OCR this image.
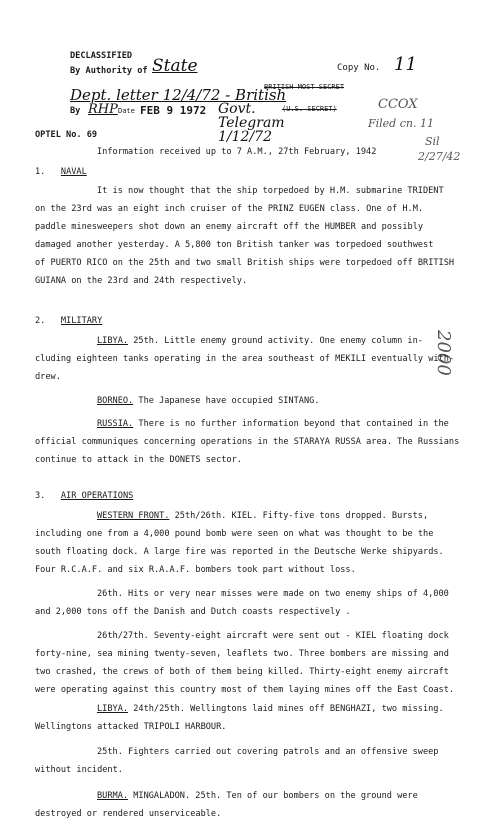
DECLASSIFIED
By Authority of State	Copy No. 11
Dept. letter 12/4/72 - British
BRITISH MOST SECRET
(U.S. SECRET)
By RHP Date FEB 9 1972 Govt. Telegram 1/12/72
CCOX
Filed cn. 11
Sil
2/27/42
2000
OPTEL No. 69
Information received up to 7 A.M., 27th February, 1942
1. NAVAL
It is now thought that the ship torpedoed by H.M. submarine TRIDENT
on the 23rd was an eight inch cruiser of the PRINZ EUGEN class. One of H.M.
paddle minesweepers shot down an enemy aircraft off the HUMBER and possibly
damaged another yesterday. A 5,800 ton British tanker was torpedoed southwest
of PUERTO RICO on the 25th and two small British ships were torpedoed off BRITISH
GUIANA on the 23rd and 24th respectively.
2. MILITARY
LIBYA. 25th. Little enemy ground activity. One enemy column in-
cluding eighteen tanks operating in the area southeast of MEKILI eventually with-
drew.
BORNEO. The Japanese have occupied SINTANG.
RUSSIA. There is no further information beyond that contained in the
official communiques concerning operations in the STARAYA RUSSA area. The Russians
continue to attack in the DONETS sector.
3. AIR OPERATIONS
WESTERN FRONT. 25th/26th. KIEL. Fifty-five tons dropped. Bursts,
including one from a 4,000 pound bomb were seen on what was thought to be the
south floating dock. A large fire was reported in the Deutsche Werke shipyards.
Four R.C.A.F. and six R.A.A.F. bombers took part without loss.
26th. Hits or very near misses were made on two enemy ships of 4,000
and 2,000 tons off the Danish and Dutch coasts respectively .
26th/27th. Seventy-eight aircraft were sent out - KIEL floating dock
forty-nine, sea mining twenty-seven, leaflets two. Three bombers are missing and
two crashed, the crews of both of them being killed. Thirty-eight enemy aircraft
were operating against this country most of them laying mines off the East Coast.
LIBYA. 24th/25th. Wellingtons laid mines off BENGHAZI, two missing.
Wellingtons attacked TRIPOLI HARBOUR.
25th. Fighters carried out covering patrols and an offensive sweep
without incident.
BURMA. MINGALADON. 25th. Ten of our bombers on the ground were
destroyed or rendered unserviceable.
